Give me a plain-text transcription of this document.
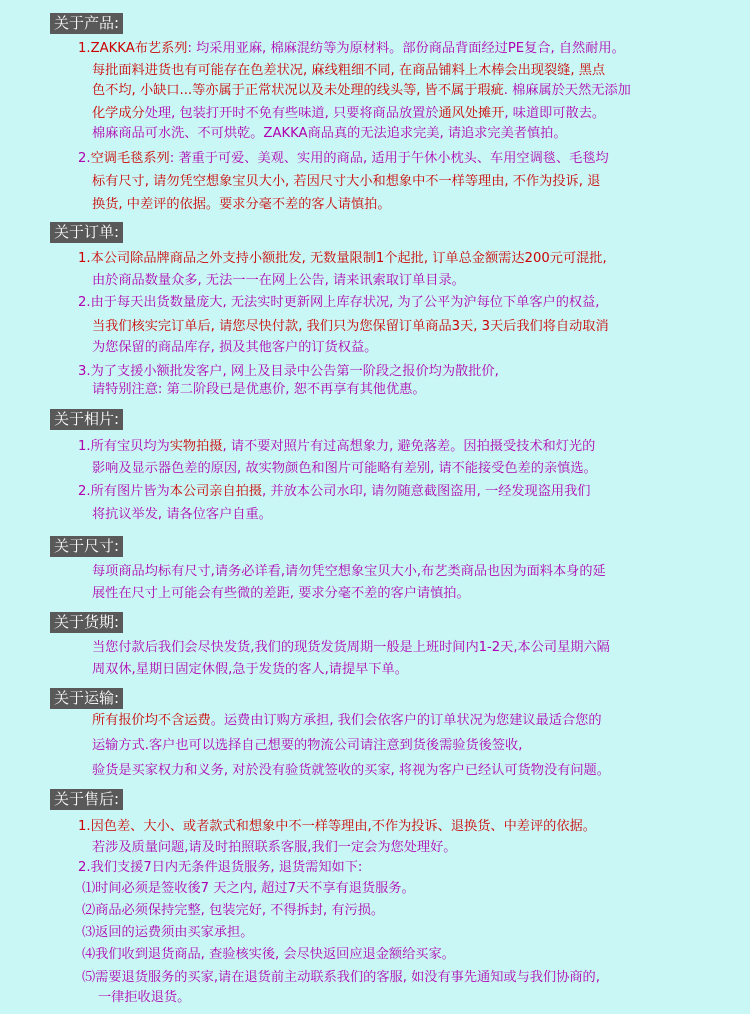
关于产品:
1.ZAKKA布艺系列: 均采用亚麻, 棉麻混纺等为原材料。部份商品背面经过PE复合, 自然耐用。
每批面料进货也有可能存在色差状况, 麻线粗细不同, 在商品铺料上木棒会出现裂缝, 黑点
色不均, 小缺口...等亦属于正常状况以及未处理的线头等, 皆不属于瑕疵. 棉麻属於天然无添加
化学成分处理, 包装打开时不免有些味道, 只要将商品放置於通风处摊开, 味道即可散去。
棉麻商品可水洗、不可烘乾。ZAKKA商品真的无法追求完美, 请追求完美者慎拍。
2.空调毛毯系列: 著重于可爱、美观、实用的商品, 适用于午休小枕头、车用空调毯、毛毯均
标有尺寸, 请勿凭空想象宝贝大小, 若因尺寸大小和想象中不一样等理由, 不作为投诉, 退
换货, 中差评的依据。要求分毫不差的客人请慎拍。
关于订单:
1.本公司除品牌商品之外支持小额批发, 无数量限制1个起批, 订单总金额需达200元可混批,
由於商品数量众多, 无法一一在网上公告, 请来讯索取订单目录。
2.由于每天出货数量庞大, 无法实时更新网上库存状况, 为了公平为沪每位下单客户的权益,
当我们核实完订单后, 请您尽快付款, 我们只为您保留订单商品3天, 3天后我们将自动取消
为您保留的商品库存, 损及其他客户的订货权益。
3.为了支援小额批发客户, 网上及目录中公告第一阶段之报价均为散批价,
请特别注意: 第二阶段已是优惠价, 恕不再享有其他优惠。
关于相片:
1.所有宝贝均为实物拍摄, 请不要对照片有过高想象力, 避免落差。因拍摄受技术和灯光的
影响及显示器色差的原因, 故实物颜色和图片可能略有差别, 请不能接受色差的亲慎选。
2.所有图片皆为本公司亲自拍摄, 并放本公司水印, 请勿随意截图盗用, 一经发现盗用我们
将抗议举发, 请各位客户自重。
关于尺寸:
每项商品均标有尺寸,请务必详看,请勿凭空想象宝贝大小,布艺类商品也因为面料本身的延
展性在尺寸上可能会有些微的差距, 要求分毫不差的客户请慎拍。
关于货期:
当您付款后我们会尽快发货,我们的现货发货周期一般是上班时间内1-2天,本公司星期六隔
周双休,星期日固定休假,急于发货的客人,请提早下单。
关于运输:
所有报价均不含运费。运费由订购方承担, 我们会依客户的订单状况为您建议最适合您的
运输方式.客户也可以选择自己想要的物流公司请注意到货後需验货後签收,
验货是买家权力和义务, 对於没有验货就签收的买家, 将视为客户已经认可货物没有问题。
关于售后:
1.因色差、大小、或者款式和想象中不一样等理由,不作为投诉、退换货、中差评的依据。
若涉及质量问题,请及时拍照联系客服,我们一定会为您处理好。
2.我们支援7日内无条件退货服务, 退货需知如下:
⑴时间必须是签收後7 天之内, 超过7天不享有退货服务。
⑵商品必须保持完整, 包装完好, 不得拆封, 有污损。
⑶返回的运费须由买家承担。
⑷我们收到退货商品, 查验核实後, 会尽快返回应退金额给买家。
⑸需要退货服务的买家,请在退货前主动联系我们的客服, 如没有事先通知或与我们协商的,
一律拒收退货。
